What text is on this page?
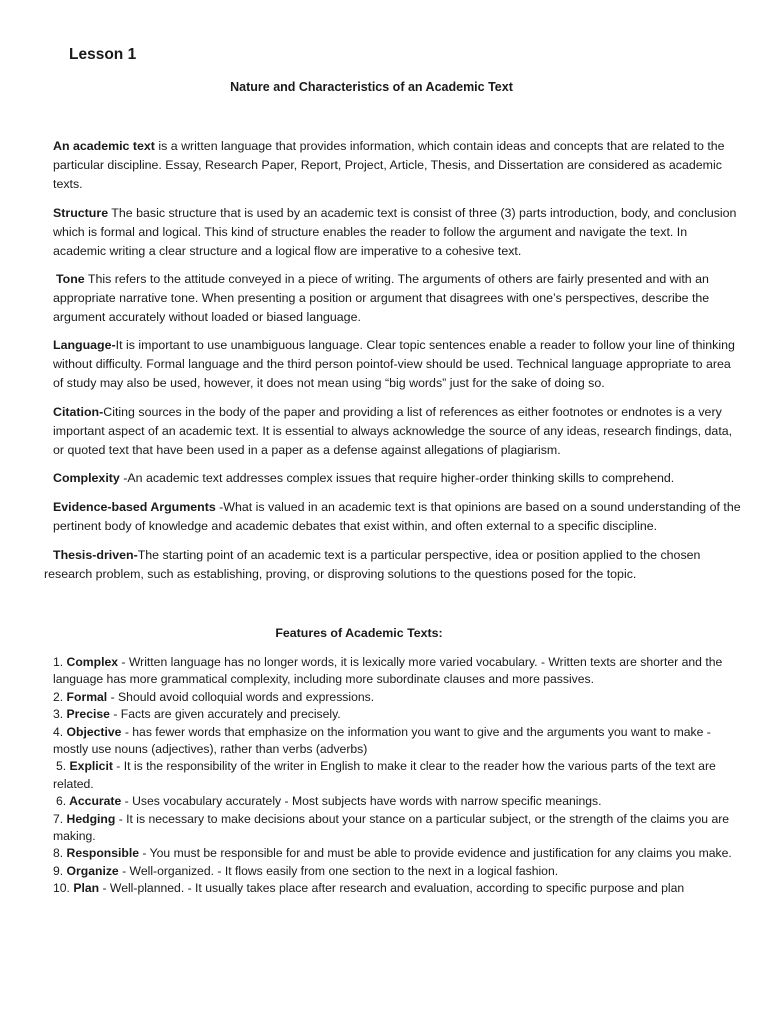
Lesson 1
Nature and Characteristics of an Academic Text

An academic text is a written language that provides information, which contain ideas and concepts that are related to the particular discipline. Essay, Research Paper, Report, Project, Article, Thesis, and Dissertation are considered as academic texts.

Structure The basic structure that is used by an academic text is consist of three (3) parts introduction, body, and conclusion which is formal and logical. This kind of structure enables the reader to follow the argument and navigate the text. In academic writing a clear structure and a logical flow are imperative to a cohesive text.

Tone This refers to the attitude conveyed in a piece of writing. The arguments of others are fairly presented and with an appropriate narrative tone. When presenting a position or argument that disagrees with one’s perspectives, describe the argument accurately without loaded or biased language.

Language-It is important to use unambiguous language. Clear topic sentences enable a reader to follow your line of thinking without difficulty. Formal language and the third person pointof-view should be used. Technical language appropriate to area of study may also be used, however, it does not mean using “big words” just for the sake of doing so.

Citation-Citing sources in the body of the paper and providing a list of references as either footnotes or endnotes is a very important aspect of an academic text. It is essential to always acknowledge the source of any ideas, research findings, data, or quoted text that have been used in a paper as a defense against allegations of plagiarism.

Complexity -An academic text addresses complex issues that require higher-order thinking skills to comprehend.

Evidence-based Arguments -What is valued in an academic text is that opinions are based on a sound understanding of the pertinent body of knowledge and academic debates that exist within, and often external to a specific discipline.

Thesis-driven-The starting point of an academic text is a particular perspective, idea or position applied to the chosen research problem, such as establishing, proving, or disproving solutions to the questions posed for the topic.

Features of Academic Texts:
1. Complex - Written language has no longer words, it is lexically more varied vocabulary. - Written texts are shorter and the language has more grammatical complexity, including more subordinate clauses and more passives.
2. Formal - Should avoid colloquial words and expressions.
3. Precise - Facts are given accurately and precisely.
4. Objective - has fewer words that emphasize on the information you want to give and the arguments you want to make - mostly use nouns (adjectives), rather than verbs (adverbs)
5. Explicit - It is the responsibility of the writer in English to make it clear to the reader how the various parts of the text are related.
6. Accurate - Uses vocabulary accurately - Most subjects have words with narrow specific meanings.
7. Hedging - It is necessary to make decisions about your stance on a particular subject, or the strength of the claims you are making.
8. Responsible - You must be responsible for and must be able to provide evidence and justification for any claims you make.
9. Organize - Well-organized. - It flows easily from one section to the next in a logical fashion.
10. Plan - Well-planned. - It usually takes place after research and evaluation, according to specific purpose and plan
